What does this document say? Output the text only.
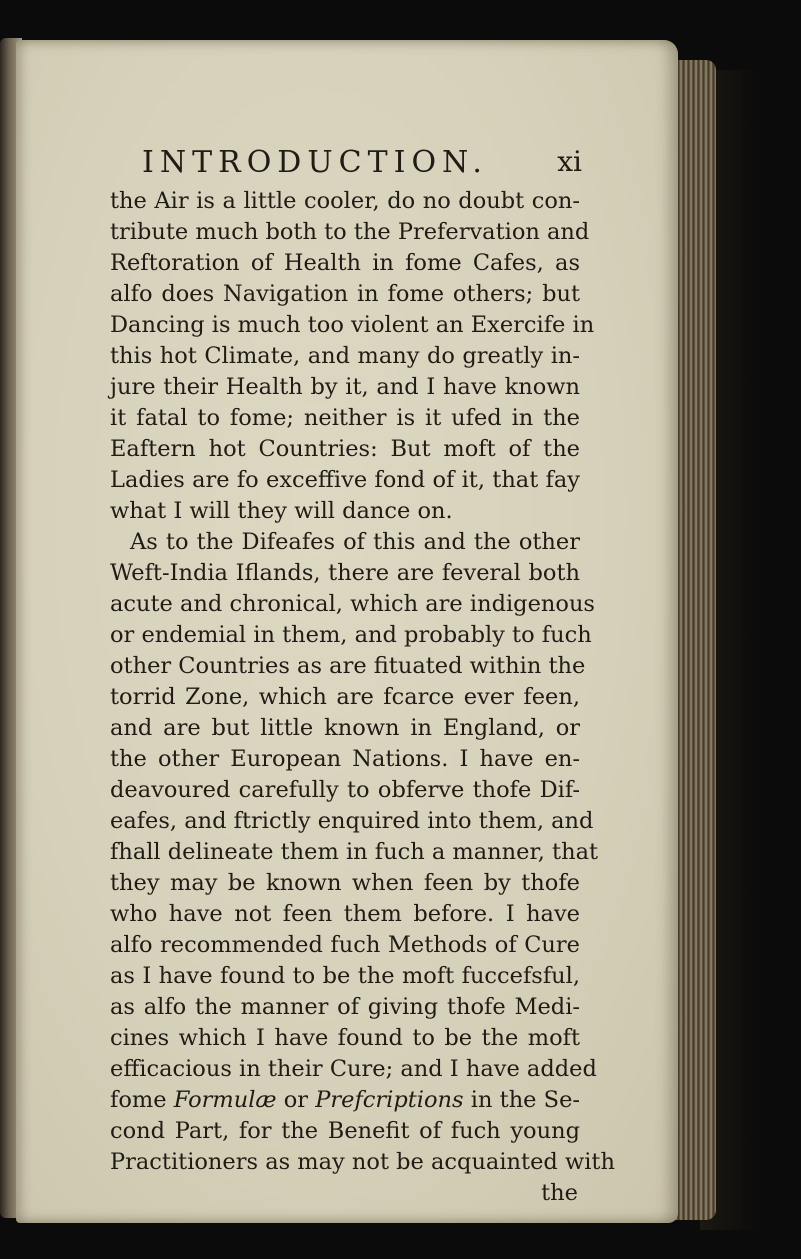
INTRODUCTION. xi
the Air is a little cooler, do no doubt con-
tribute much both to the Prefervation and
Reftoration of Health in fome Cafes, as
alfo does Navigation in fome others; but
Dancing is much too violent an Exercife in
this hot Climate, and many do greatly in-
jure their Health by it, and I have known
it fatal to fome; neither is it ufed in the
Eaftern hot Countries: But moft of the
Ladies are fo exceffive fond of it, that fay
what I will they will dance on.
As to the Difeafes of this and the other
Weft-India Iflands, there are feveral both
acute and chronical, which are indigenous
or endemial in them, and probably to fuch
other Countries as are fituated within the
torrid Zone, which are fcarce ever feen,
and are but little known in England, or
the other European Nations. I have en-
deavoured carefully to obferve thofe Dif-
eafes, and ftrictly enquired into them, and
fhall delineate them in fuch a manner, that
they may be known when feen by thofe
who have not feen them before. I have
alfo recommended fuch Methods of Cure
as I have found to be the moft fuccefsful,
as alfo the manner of giving thofe Medi-
cines which I have found to be the moft
efficacious in their Cure; and I have added
fome Formulæ or Prefcriptions in the Se-
cond Part, for the Benefit of fuch young
Practitioners as may not be acquainted with
the
